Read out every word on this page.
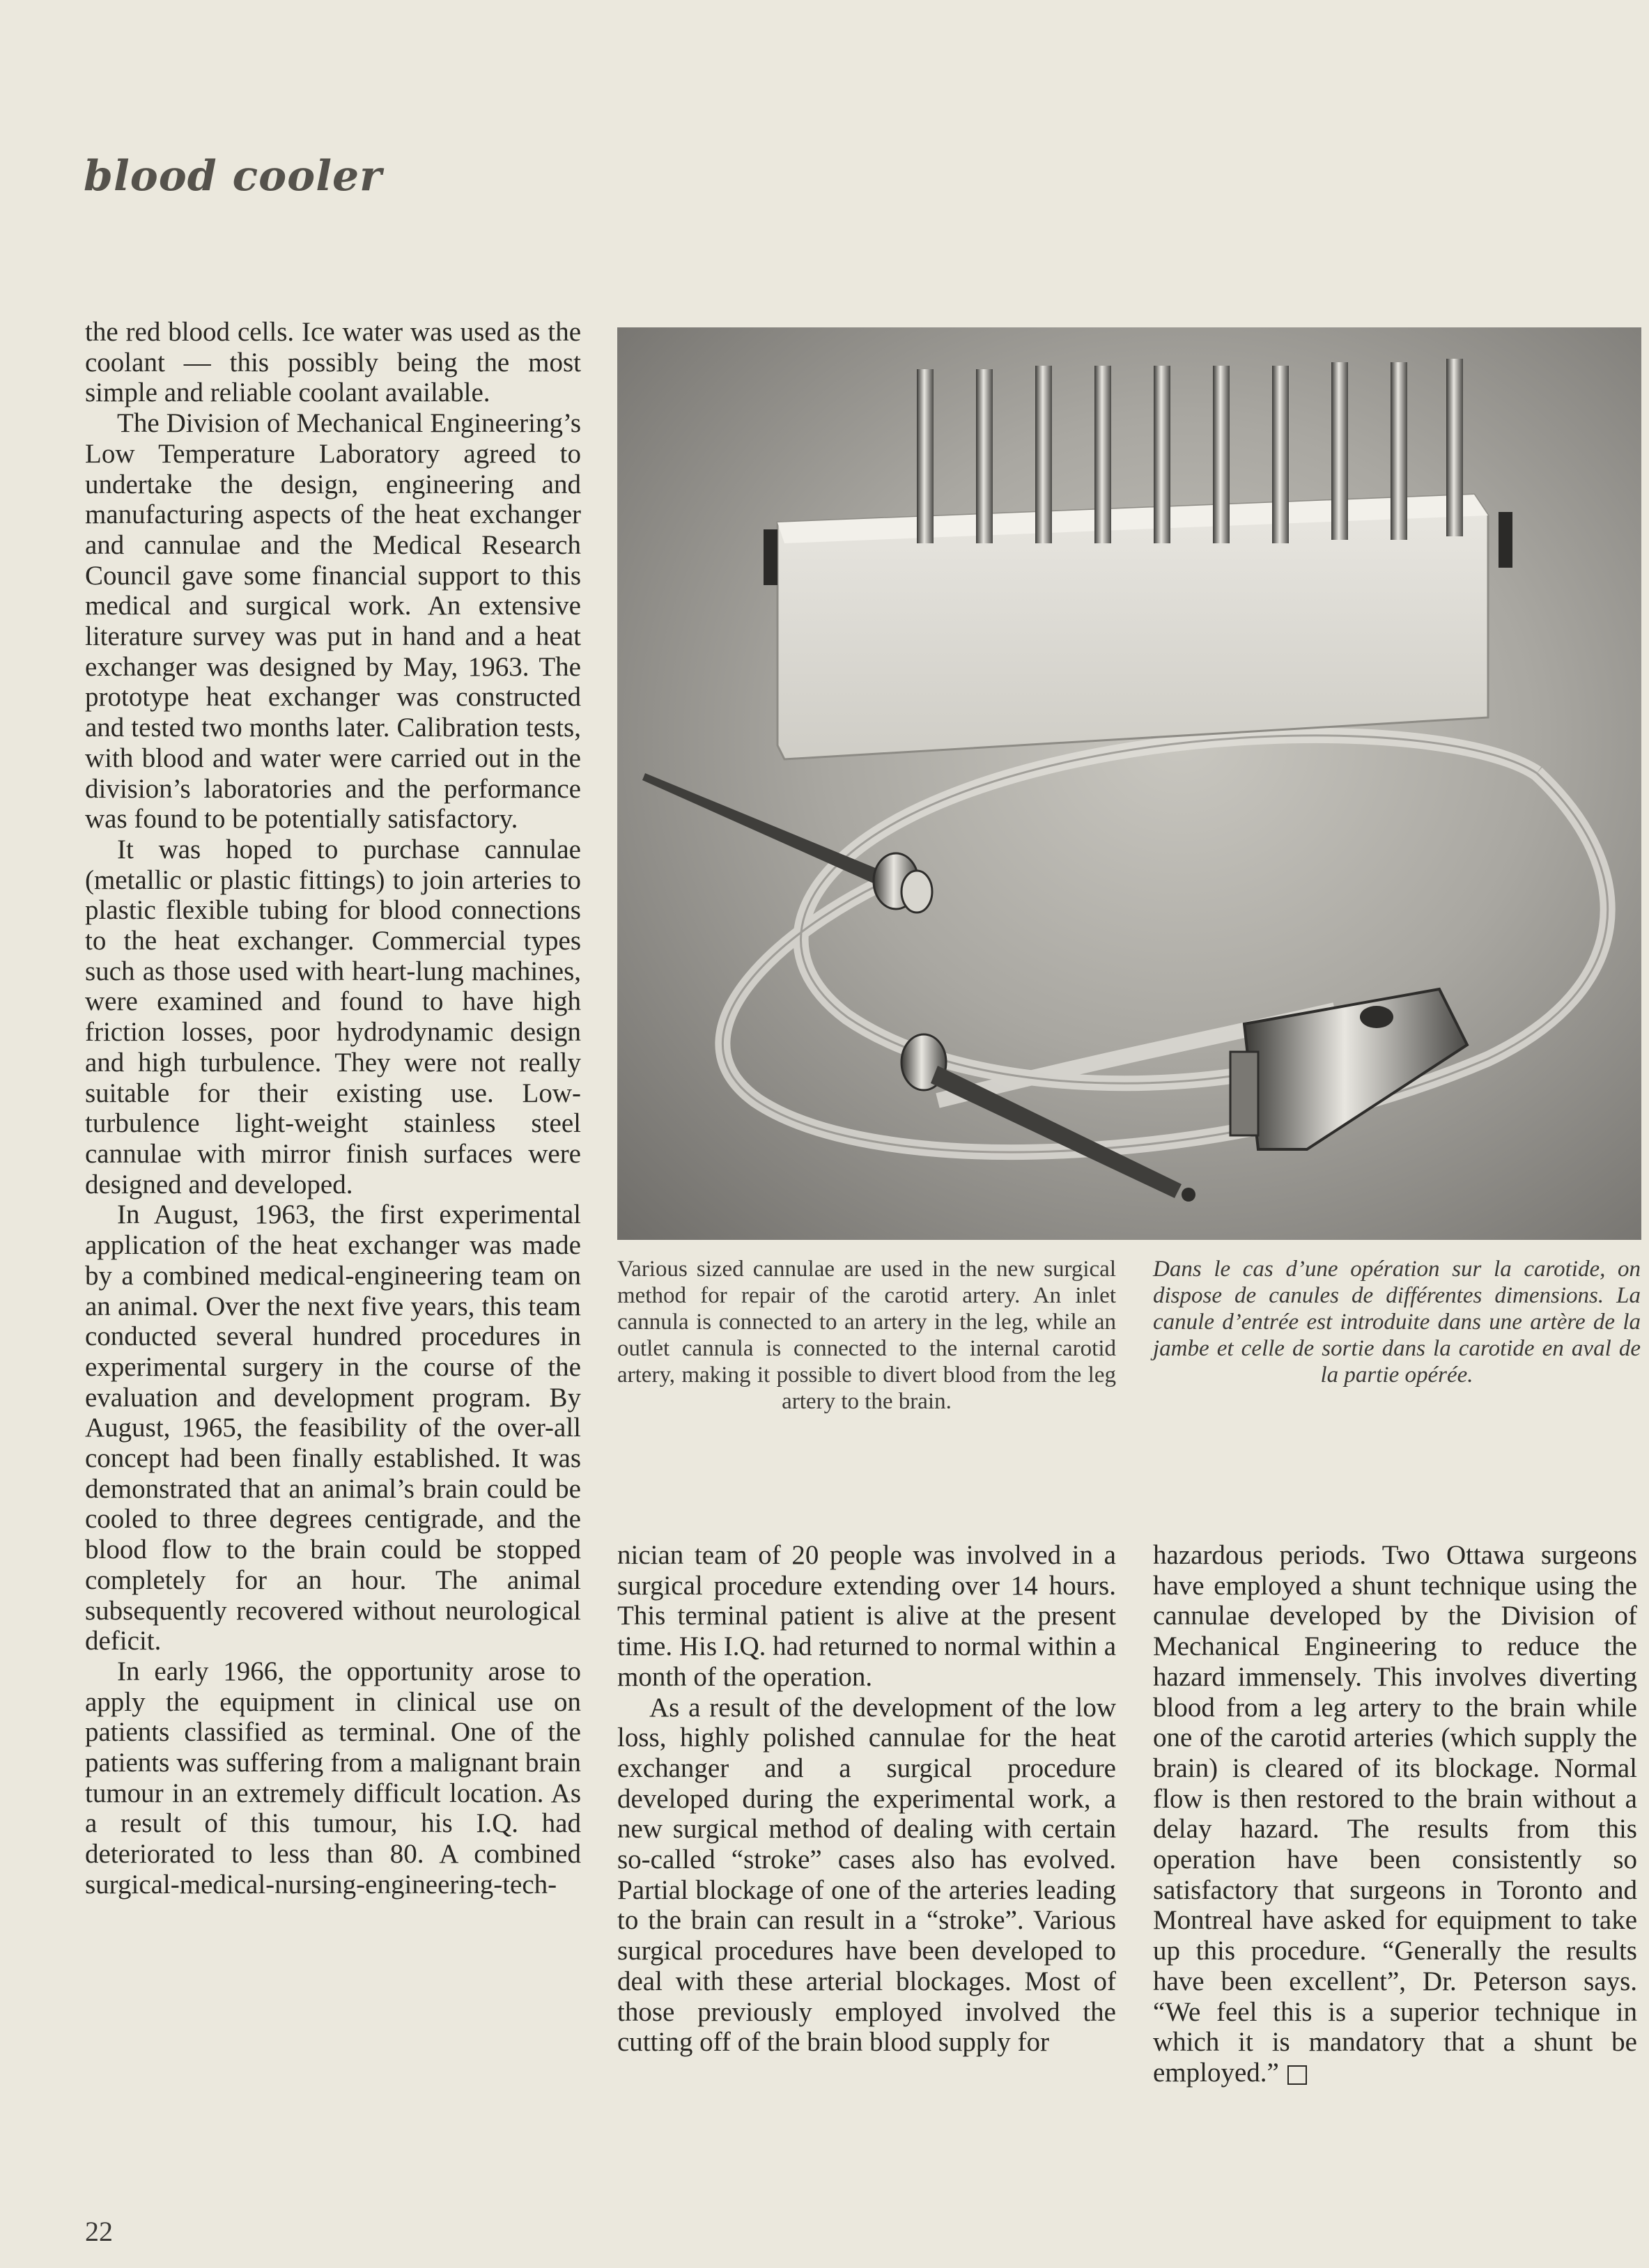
blood cooler

the red blood cells. Ice water was used as the coolant — this possibly being the most simple and reliable coolant available.

The Division of Mechanical Engineering’s Low Temperature Laboratory agreed to undertake the design, engineering and manufacturing aspects of the heat exchanger and cannulae and the Medical Research Council gave some financial support to this medical and surgical work. An extensive literature survey was put in hand and a heat exchanger was designed by May, 1963. The prototype heat exchanger was constructed and tested two months later. Calibration tests, with blood and water were carried out in the division’s laboratories and the performance was found to be potentially satisfactory.

It was hoped to purchase cannulae (metallic or plastic fittings) to join arteries to plastic flexible tubing for blood connections to the heat exchanger. Commercial types such as those used with heart-lung machines, were examined and found to have high friction losses, poor hydrodynamic design and high turbulence. They were not really suitable for their existing use. Low-turbulence light-weight stainless steel cannulae with mirror finish surfaces were designed and developed.

In August, 1963, the first experimental application of the heat exchanger was made by a combined medical-engineering team on an animal. Over the next five years, this team conducted several hundred procedures in experimental surgery in the course of the evaluation and development program. By August, 1965, the feasibility of the over-all concept had been finally established. It was demonstrated that an animal’s brain could be cooled to three degrees centigrade, and the blood flow to the brain could be stopped completely for an hour. The animal subsequently recovered without neurological deficit.

In early 1966, the opportunity arose to apply the equipment in clinical use on patients classified as terminal. One of the patients was suffering from a malignant brain tumour in an extremely difficult location. As a result of this tumour, his I.Q. had deteriorated to less than 80. A combined surgical-medical-nursing-engineering-tech-

Various sized cannulae are used in the new surgical method for repair of the carotid artery. An inlet cannula is connected to an artery in the leg, while an outlet cannula is connected to the internal carotid artery, making it possible to divert blood from the leg artery to the brain.
Dans le cas d’une opération sur la carotide, on dispose de canules de différentes dimensions. La canule d’entrée est introduite dans une artère de la jambe et celle de sortie dans la carotide en aval de la partie opérée.

nician team of 20 people was involved in a surgical procedure extending over 14 hours. This terminal patient is alive at the present time. His I.Q. had returned to normal within a month of the operation.

As a result of the development of the low loss, highly polished cannulae for the heat exchanger and a surgical procedure developed during the experimental work, a new surgical method of dealing with certain so-called “stroke” cases also has evolved. Partial blockage of one of the arteries leading to the brain can result in a “stroke”. Various surgical procedures have been developed to deal with these arterial blockages. Most of those previously employed involved the cutting off of the brain blood supply for

hazardous periods. Two Ottawa surgeons have employed a shunt technique using the cannulae developed by the Division of Mechanical Engineering to reduce the hazard immensely. This involves diverting blood from a leg artery to the brain while one of the carotid arteries (which supply the brain) is cleared of its blockage. Normal flow is then restored to the brain without a delay hazard. The results from this operation have been consistently so satisfactory that surgeons in Toronto and Montreal have asked for equipment to take up this procedure. “Generally the results have been excellent”, Dr. Peterson says. “We feel this is a superior technique in which it is mandatory that a shunt be employed.”

22
